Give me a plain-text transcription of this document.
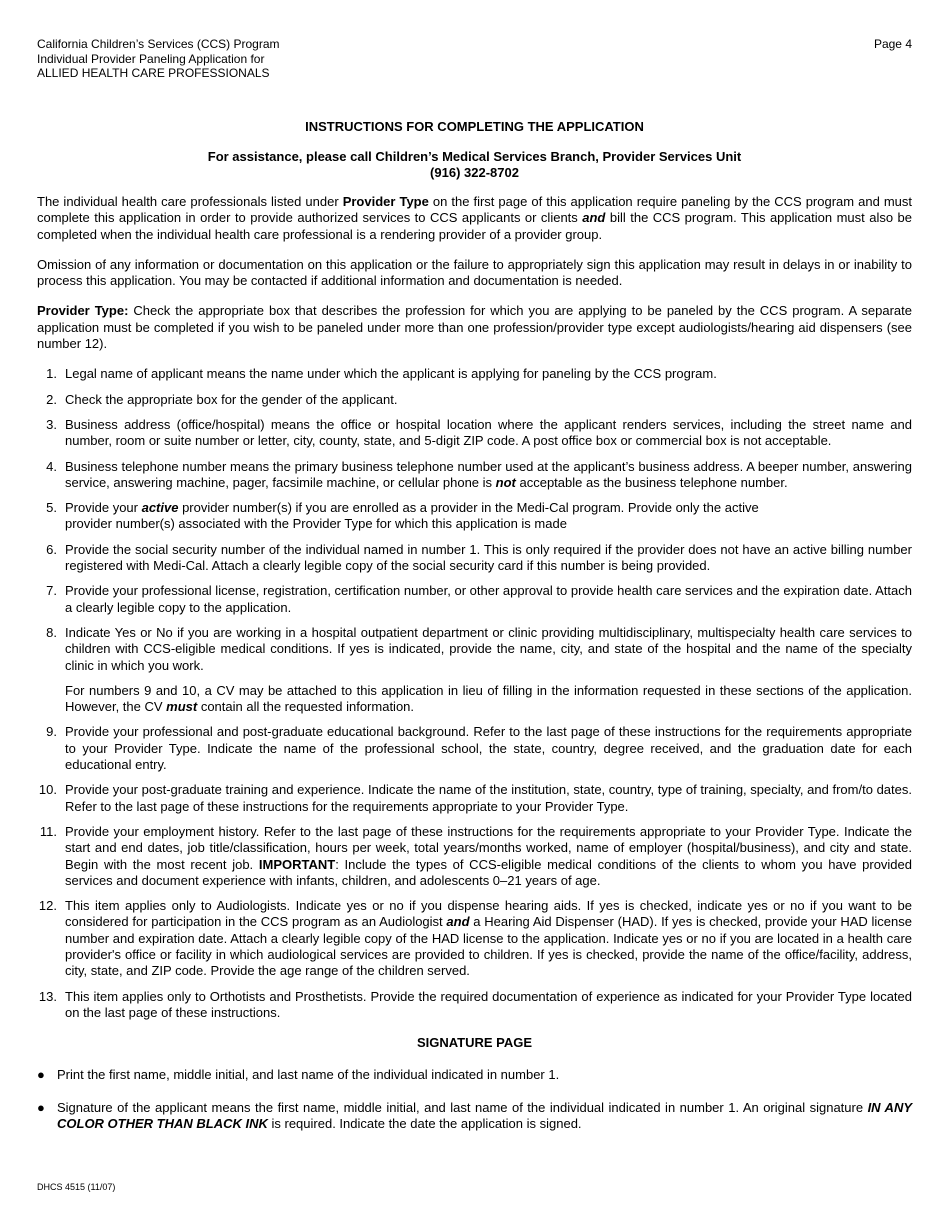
California Children’s Services (CCS) Program
Individual Provider Paneling Application for
ALLIED HEALTH CARE PROFESSIONALS
Page 4
INSTRUCTIONS FOR COMPLETING THE APPLICATION
For assistance, please call Children’s Medical Services Branch, Provider Services Unit
(916) 322-8702

The individual health care professionals listed under Provider Type on the first page of this application require paneling by the CCS program and must complete this application in order to provide authorized services to CCS applicants or clients and bill the CCS program. This application must also be completed when the individual health care professional is a rendering provider of a provider group.

Omission of any information or documentation on this application or the failure to appropriately sign this application may result in delays in or inability to process this application. You may be contacted if additional information and documentation is needed.

Provider Type: Check the appropriate box that describes the profession for which you are applying to be paneled by the CCS program. A separate application must be completed if you wish to be paneled under more than one profession/provider type except audiologists/hearing aid dispensers (see number 12).

1. Legal name of applicant means the name under which the applicant is applying for paneling by the CCS program.
2. Check the appropriate box for the gender of the applicant.
3. Business address (office/hospital) means the office or hospital location where the applicant renders services, including the street name and number, room or suite number or letter, city, county, state, and 5-digit ZIP code. A post office box or commercial box is not acceptable.
4. Business telephone number means the primary business telephone number used at the applicant’s business address. A beeper number, answering service, answering machine, pager, facsimile machine, or cellular phone is not acceptable as the business telephone number.
5. Provide your active provider number(s) if you are enrolled as a provider in the Medi-Cal program. Provide only the active
provider number(s) associated with the Provider Type for which this application is made
6. Provide the social security number of the individual named in number 1. This is only required if the provider does not have an active billing number registered with Medi-Cal. Attach a clearly legible copy of the social security card if this number is being provided.
7. Provide your professional license, registration, certification number, or other approval to provide health care services and the expiration date. Attach a clearly legible copy to the application.
8. Indicate Yes or No if you are working in a hospital outpatient department or clinic providing multidisciplinary, multispecialty health care services to children with CCS-eligible medical conditions. If yes is indicated, provide the name, city, and state of the hospital and the name of the specialty clinic in which you work.
For numbers 9 and 10, a CV may be attached to this application in lieu of filling in the information requested in these sections of the application. However, the CV must contain all the requested information.
9. Provide your professional and post-graduate educational background. Refer to the last page of these instructions for the requirements appropriate to your Provider Type. Indicate the name of the professional school, the state, country, degree received, and the graduation date for each educational entry.
10. Provide your post-graduate training and experience. Indicate the name of the institution, state, country, type of training, specialty, and from/to dates. Refer to the last page of these instructions for the requirements appropriate to your Provider Type.
11. Provide your employment history. Refer to the last page of these instructions for the requirements appropriate to your Provider Type. Indicate the start and end dates, job title/classification, hours per week, total years/months worked, name of employer (hospital/business), and city and state. Begin with the most recent job. IMPORTANT: Include the types of CCS-eligible medical conditions of the clients to whom you have provided services and document experience with infants, children, and adolescents 0–21 years of age.
12. This item applies only to Audiologists. Indicate yes or no if you dispense hearing aids. If yes is checked, indicate yes or no if you want to be considered for participation in the CCS program as an Audiologist and a Hearing Aid Dispenser (HAD). If yes is checked, provide your HAD license number and expiration date. Attach a clearly legible copy of the HAD license to the application. Indicate yes or no if you are located in a health care provider's office or facility in which audiological services are provided to children. If yes is checked, provide the name of the office/facility, address, city, state, and ZIP code. Provide the age range of the children served.
13. This item applies only to Orthotists and Prosthetists. Provide the required documentation of experience as indicated for your Provider Type located on the last page of these instructions.
SIGNATURE PAGE
● Print the first name, middle initial, and last name of the individual indicated in number 1.
● Signature of the applicant means the first name, middle initial, and last name of the individual indicated in number 1. An original signature IN ANY COLOR OTHER THAN BLACK INK is required. Indicate the date the application is signed.
DHCS 4515 (11/07)
